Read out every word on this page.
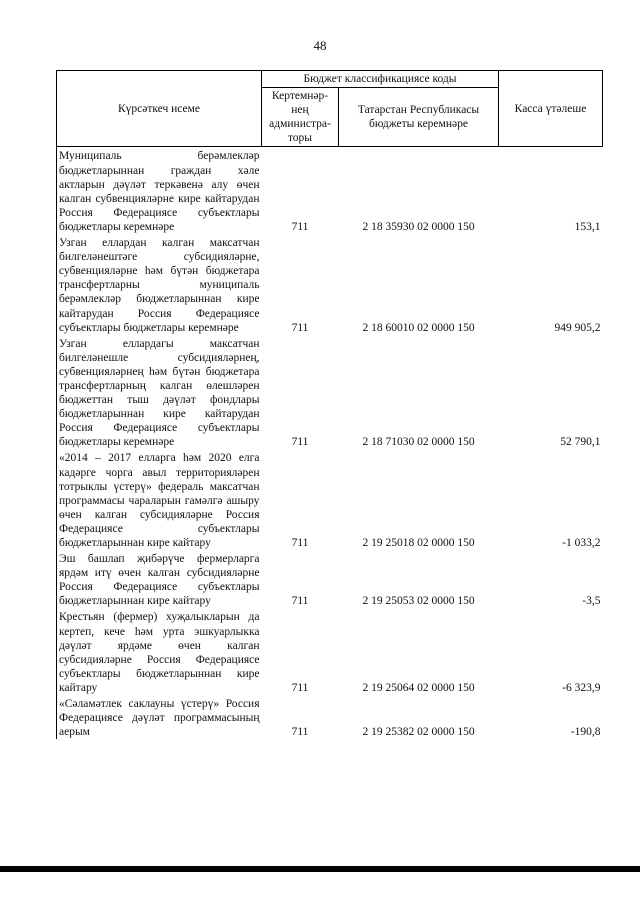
48
Күрсәткеч исеме	Бюджет классификациясе коды		Касса үтәлеше
	Кертемнәр-нең администра-торы	Татарстан Республикасы бюджеты керемнәре	
Муниципаль берәмлекләр бюджетларыннан граждан хәле актларын дәүләт теркәвенә алу өчен калган субвенцияләрне кире кайтарудан Россия Федерациясе субъектлары бюджетлары керемнәре	711	2 18 35930 02 0000 150	153,1
Узган еллардан калган максатчан билгеләнештәге субсидияләрне, субвенцияләрне һәм бүтән бюджетара трансфертларны муниципаль берәмлекләр бюджетларыннан кире кайтарудан Россия Федерациясе субъектлары бюджетлары керемнәре	711	2 18 60010 02 0000 150	949 905,2
Узган еллардагы максатчан билгеләнешле субсидияләрнең, субвенцияләрнең һәм бүтән бюджетара трансфертларның калган өлешләрен бюджеттан тыш дәүләт фондлары бюджетларыннан кире кайтарудан Россия Федерациясе субъектлары бюджетлары керемнәре	711	2 18 71030 02 0000 150	52 790,1
«2014 – 2017 елларга һәм 2020 елга кадәрге чорга авыл территорияләрен тотрыклы үстерү» федераль максатчан программасы чараларын гамәлгә ашыру өчен калган субсидияләрне Россия Федерациясе субъектлары бюджетларыннан кире кайтару	711	2 19 25018 02 0000 150	-1 033,2
Эш башлап җибәрүче фермерларга ярдәм итү өчен калган субсидияләрне Россия Федерациясе субъектлары бюджетларыннан кире кайтару	711	2 19 25053 02 0000 150	-3,5
Крестьян (фермер) хуҗалыкларын да кертеп, кече һәм урта эшкуарлыкка дәүләт ярдәме өчен калган субсидияләрне Россия Федерациясе субъектлары бюджетларыннан кире кайтару	711	2 19 25064 02 0000 150	-6 323,9
«Сәламәтлек саклауны үстерү» Россия Федерациясе дәүләт программасының аерым	711	2 19 25382 02 0000 150	-190,8
